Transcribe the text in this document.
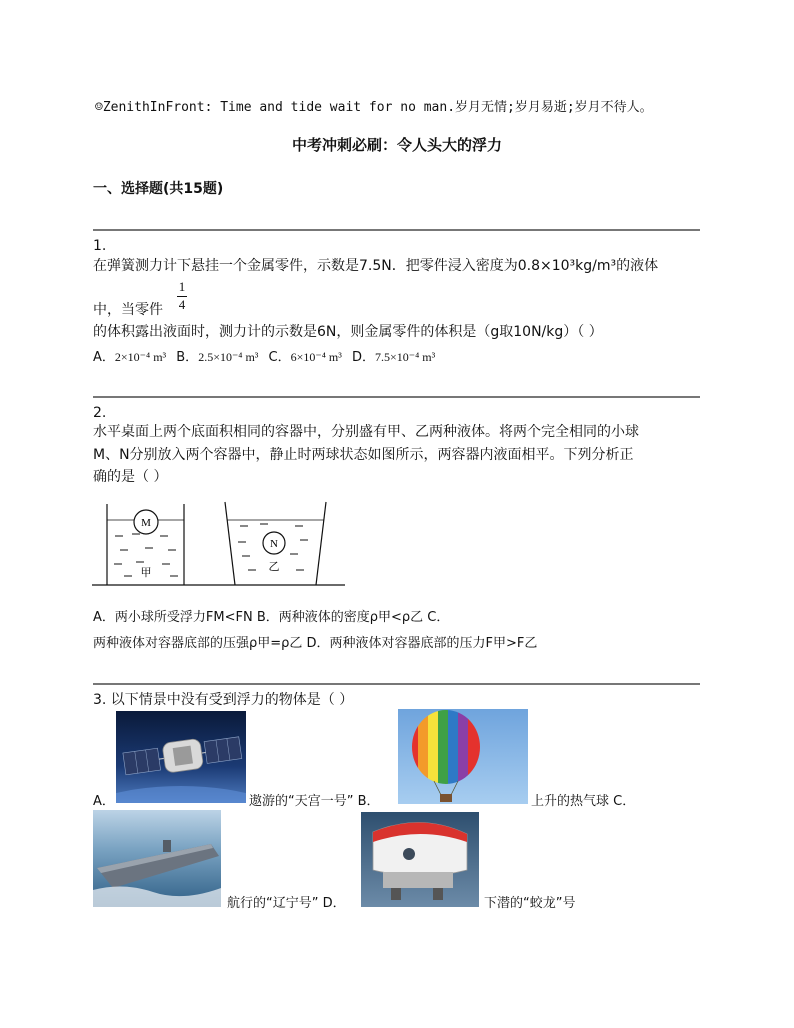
☺ZenithInFront: Time and tide wait for no man.岁月无情;岁月易逝;岁月不待人。
中考冲刺必刷：令人头大的浮力
一、选择题(共15题)
1.
在弹簧测力计下悬挂一个金属零件，示数是7.5N．把零件浸入密度为0.8×10³kg/m³的液体
1
4
中，当零件
的体积露出液面时，测力计的示数是6N，则金属零件的体积是（g取10N/kg）（ ）
A．2×10⁻⁴ m³ B．2.5×10⁻⁴ m³ C．6×10⁻⁴ m³ D．7.5×10⁻⁴ m³
2.
水平桌面上两个底面积相同的容器中，分别盛有甲、乙两种液体。将两个完全相同的小球
M、N分别放入两个容器中，静止时两球状态如图所示，两容器内液面相平。下列分析正
确的是（ ）
M
甲
N
乙
A．两小球所受浮力FM<FN B．两种液体的密度ρ甲<ρ乙 C．
两种液体对容器底部的压强ρ甲=ρ乙 D．两种液体对容器底部的压力F甲>F乙
3. 以下情景中没有受到浮力的物体是（ ）
A．	遨游的“天宫一号” B．	上升的热气球 C．
航行的“辽宁号” D．	下潜的“蛟龙”号
